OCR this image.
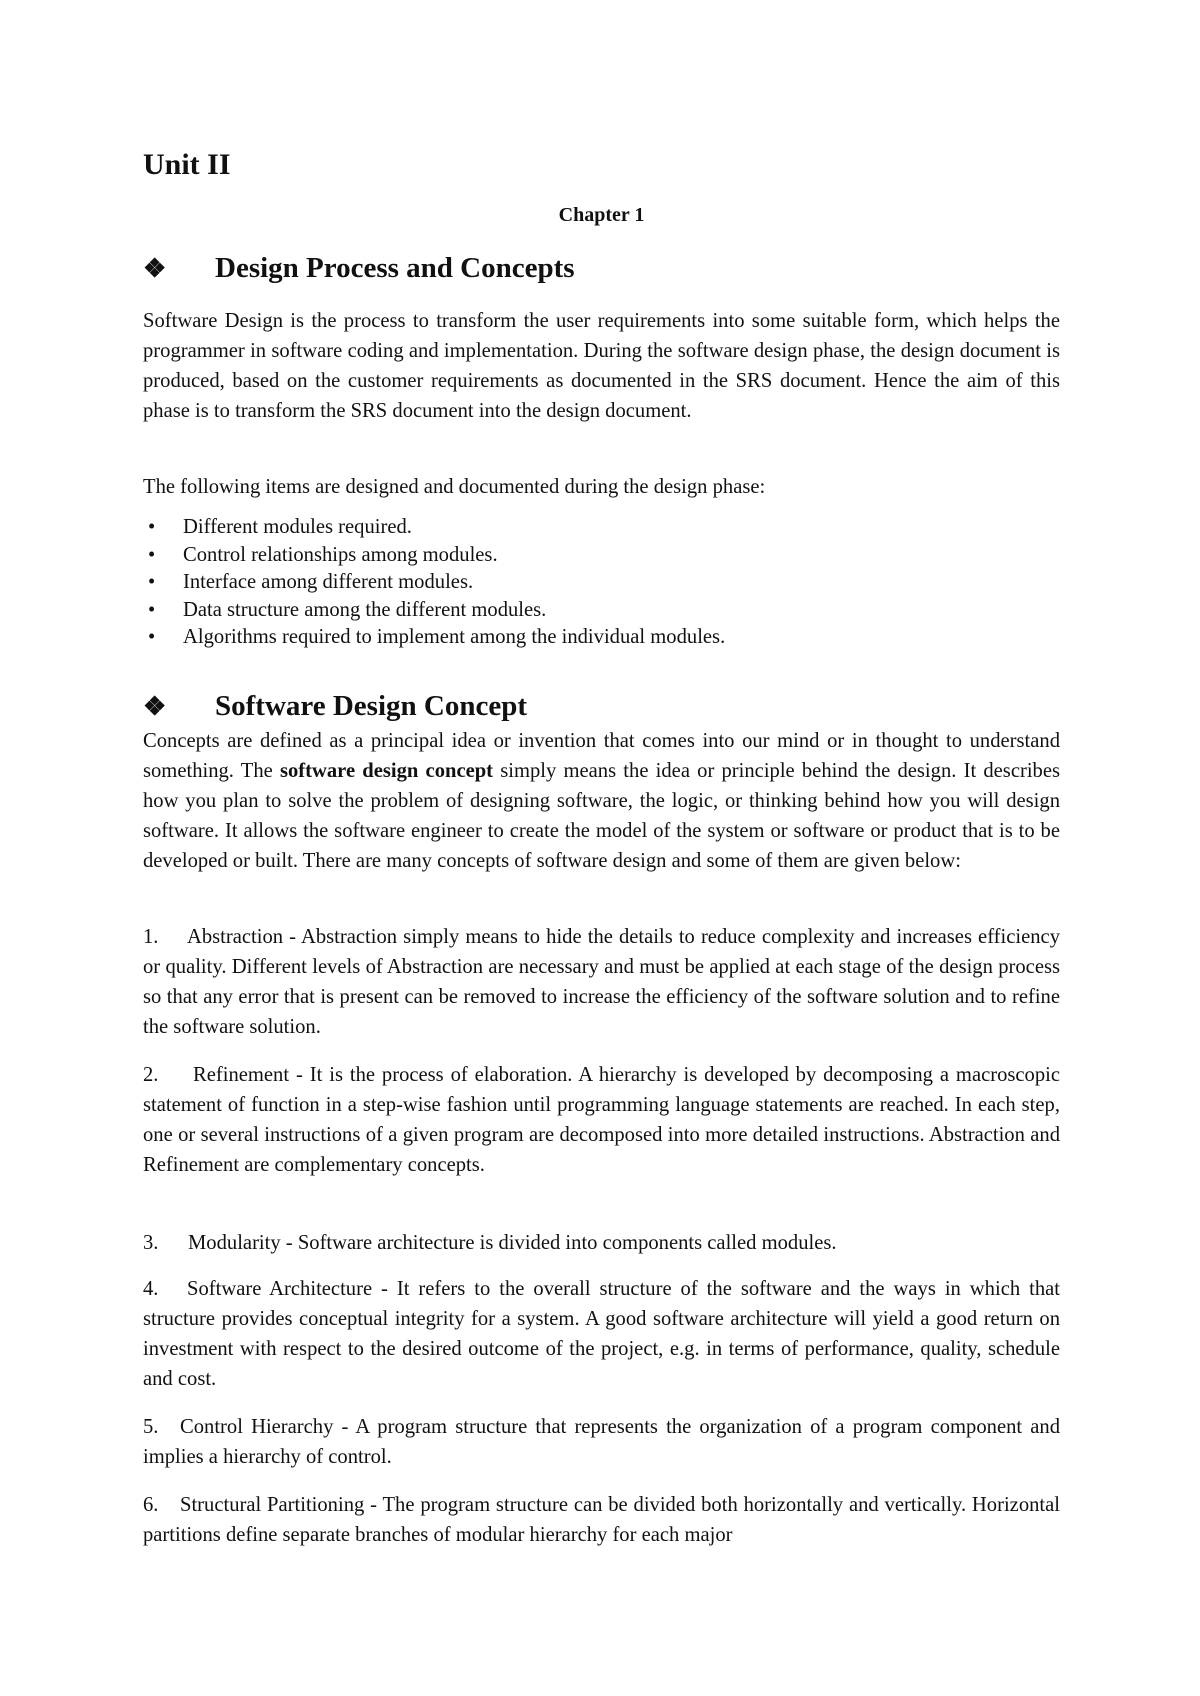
Unit II
Chapter 1
❖ Design Process and Concepts

Software Design is the process to transform the user requirements into some suitable form, which helps the programmer in software coding and implementation. During the software design phase, the design document is produced, based on the customer requirements as documented in the SRS document. Hence the aim of this phase is to transform the SRS document into the design document.

The following items are designed and documented during the design phase:

• Different modules required.
• Control relationships among modules.
• Interface among different modules.
• Data structure among the different modules.
• Algorithms required to implement among the individual modules.
❖ Software Design Concept

Concepts are defined as a principal idea or invention that comes into our mind or in thought to understand something. The software design concept simply means the idea or principle behind the design. It describes how you plan to solve the problem of designing software, the logic, or thinking behind how you will design software. It allows the software engineer to create the model of the system or software or product that is to be developed or built. There are many concepts of software design and some of them are given below:

1. Abstraction - Abstraction simply means to hide the details to reduce complexity and increases efficiency or quality. Different levels of Abstraction are necessary and must be applied at each stage of the design process so that any error that is present can be removed to increase the efficiency of the software solution and to refine the software solution.

2. Refinement - It is the process of elaboration. A hierarchy is developed by decomposing a macroscopic statement of function in a step-wise fashion until programming language statements are reached. In each step, one or several instructions of a given program are decomposed into more detailed instructions. Abstraction and Refinement are complementary concepts.

3. Modularity - Software architecture is divided into components called modules.

4. Software Architecture - It refers to the overall structure of the software and the ways in which that structure provides conceptual integrity for a system. A good software architecture will yield a good return on investment with respect to the desired outcome of the project, e.g. in terms of performance, quality, schedule and cost.

5. Control Hierarchy - A program structure that represents the organization of a program component and implies a hierarchy of control.

6. Structural Partitioning - The program structure can be divided both horizontally and vertically. Horizontal partitions define separate branches of modular hierarchy for each major
